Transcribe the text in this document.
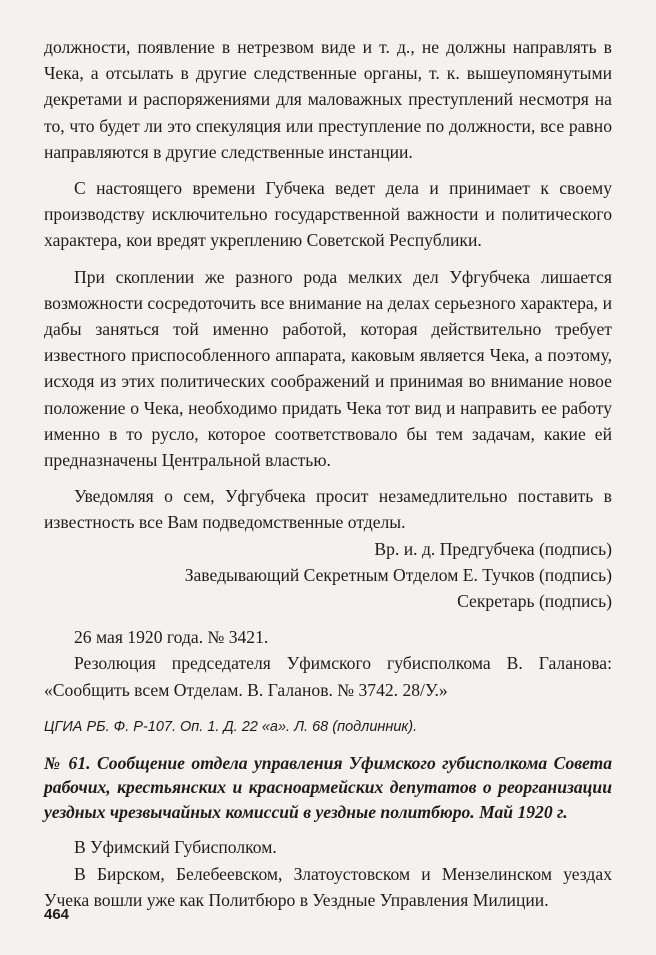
должности, появление в нетрезвом виде и т. д., не должны направлять в Чека, а отсылать в другие следственные органы, т. к. вышеупомянутыми декретами и распоряжениями для маловажных преступлений несмотря на то, что будет ли это спекуляция или преступление по должности, все равно направляются в другие следственные инстанции.

С настоящего времени Губчека ведет дела и принимает к своему производству исключительно государственной важности и политического характера, кои вредят укреплению Советской Республики.

При скоплении же разного рода мелких дел Уфгубчека лишается возможности сосредоточить все внимание на делах серьезного характера, и дабы заняться той именно работой, которая действительно требует известного приспособленного аппарата, каковым является Чека, а поэтому, исходя из этих политических соображений и принимая во внимание новое положение о Чека, необходимо придать Чека тот вид и направить ее работу именно в то русло, которое соответствовало бы тем задачам, какие ей предназначены Центральной властью.

Уведомляя о сем, Уфгубчека просит незамедлительно поставить в известность все Вам подведомственные отделы.

Вр. и. д. Предгубчека (подпись)

Заведывающий Секретным Отделом Е. Тучков (подпись)

Секретарь (подпись)

26 мая 1920 года. № 3421.

Резолюция председателя Уфимского губисполкома В. Галанова: «Сообщить всем Отделам. В. Галанов. № 3742. 28/У.»

ЦГИА РБ. Ф. Р-107. Оп. 1. Д. 22 «а». Л. 68 (подлинник).

№ 61. Сообщение отдела управления Уфимского губисполкома Совета рабочих, крестьянских и красноармейских депутатов о реорганизации уездных чрезвычайных комиссий в уездные политбюро. Май 1920 г.

В Уфимский Губисполком.

В Бирском, Белебеевском, Златоустовском и Мензелинском уездах Учека вошли уже как Политбюро в Уездные Управления Милиции.

464
